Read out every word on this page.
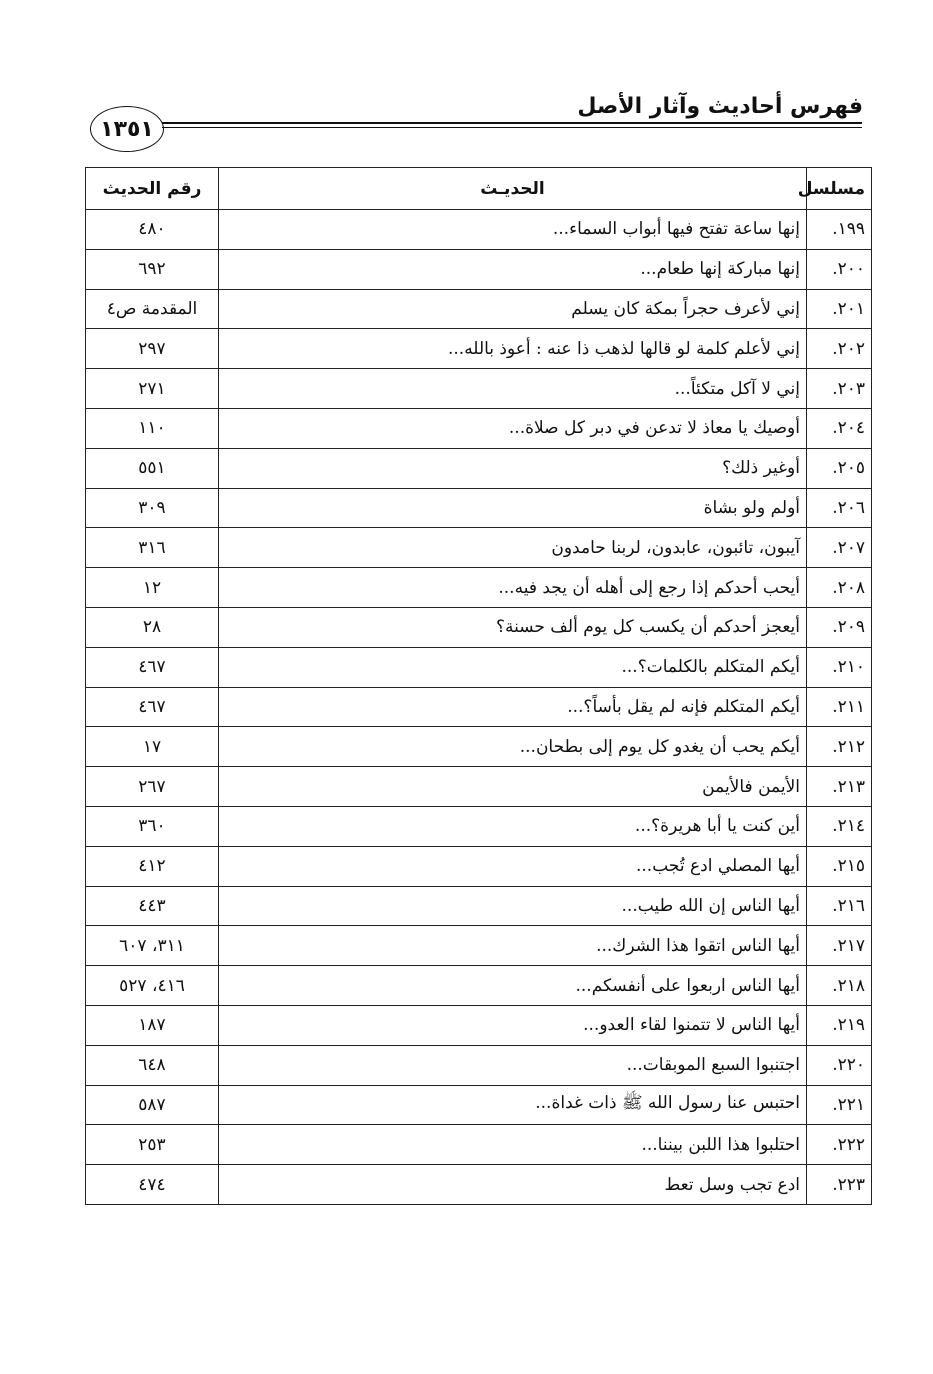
فهرس أحاديث وآثار الأصل
١٣٥١
مسلسل	الحديـث	رقم الحديث
١٩٩.	إنها ساعة تفتح فيها أبواب السماء...	٤٨٠
٢٠٠.	إنها مباركة إنها طعام...	٦٩٢
٢٠١.	إني لأعرف حجراً بمكة كان يسلم	المقدمة ص٤
٢٠٢.	إني لأعلم كلمة لو قالها لذهب ذا عنه : أعوذ بالله...	٢٩٧
٢٠٣.	إني لا آكل متكئاً...	٢٧١
٢٠٤.	أوصيك يا معاذ لا تدعن في دبر كل صلاة...	١١٠
٢٠٥.	أوغير ذلك؟	٥٥١
٢٠٦.	أولم ولو بشاة	٣٠٩
٢٠٧.	آيبون، تائبون، عابدون، لربنا حامدون	٣١٦
٢٠٨.	أيحب أحدكم إذا رجع إلى أهله أن يجد فيه...	١٢
٢٠٩.	أيعجز أحدكم أن يكسب كل يوم ألف حسنة؟	٢٨
٢١٠.	أيكم المتكلم بالكلمات؟...	٤٦٧
٢١١.	أيكم المتكلم فإنه لم يقل بأساً؟...	٤٦٧
٢١٢.	أيكم يحب أن يغدو كل يوم إلى بطحان...	١٧
٢١٣.	الأيمن فالأيمن	٢٦٧
٢١٤.	أين كنت يا أبا هريرة؟...	٣٦٠
٢١٥.	أيها المصلي ادع تُجب...	٤١٢
٢١٦.	أيها الناس إن الله طيب...	٤٤٣
٢١٧.	أيها الناس اتقوا هذا الشرك...	٣١١، ٦٠٧
٢١٨.	أيها الناس اربعوا على أنفسكم...	٤١٦، ٥٢٧
٢١٩.	أيها الناس لا تتمنوا لقاء العدو...	١٨٧
٢٢٠.	اجتنبوا السبع الموبقات...	٦٤٨
٢٢١.	احتبس عنا رسول الله ﷺ ذات غداة...	٥٨٧
٢٢٢.	احتلبوا هذا اللبن بيننا...	٢٥٣
٢٢٣.	ادع تجب وسل تعط	٤٧٤
